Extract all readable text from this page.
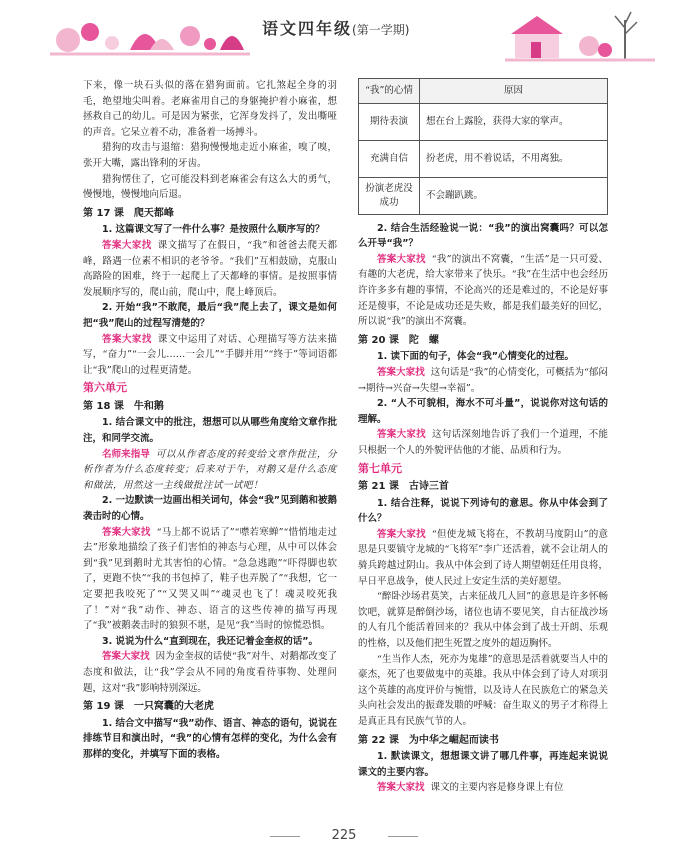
语文四年级(第一学期)

下来，像一块石头似的落在猎狗面前。它扎煞起全身的羽毛，绝望地尖叫着。老麻雀用自己的身躯掩护着小麻雀，想拯救自己的幼儿。可是因为紧张，它浑身发抖了，发出嘶哑的声音。它呆立着不动，准备着一场搏斗。

猎狗的攻击与退缩：猎狗慢慢地走近小麻雀，嗅了嗅，张开大嘴，露出锋利的牙齿。

猎狗愣住了，它可能没料到老麻雀会有这么大的勇气，慢慢地，慢慢地向后退。

第 17 课　爬天都峰

1. 这篇课文写了一件什么事？是按照什么顺序写的？

答案大家找 课文描写了在假日，“我”和爸爸去爬天都峰，路遇一位素不相识的老爷爷。“我们”互相鼓励，克服山高路险的困难，终于一起爬上了天都峰的事情。是按照事情发展顺序写的，爬山前，爬山中，爬上峰顶后。

2. 开始“我”不敢爬，最后“我”爬上去了，课文是如何把“我”爬山的过程写清楚的？

答案大家找 课文中运用了对话、心理描写等方法来描写，“奋力”“一会儿……一会儿”“手脚并用”“终于”等词语都让“我”爬山的过程更清楚。

第六单元
第 18 课　牛和鹅

1. 结合课文中的批注，想想可以从哪些角度给文章作批注，和同学交流。

名师来指导 可以从作者态度的转变给文章作批注，分析作者为什么态度转变；后来对于牛，对鹅又是什么态度和做法，用然这一主线做批注试一试吧！

2. 一边默读一边画出相关词句，体会“我”见到鹅和被鹅袭击时的心情。

答案大家找 “马上都不说话了”“噤若寒蝉”“惜悄地走过去”形象地描绘了孩子们害怕的神态与心理，从中可以体会到“我”见到鹅时尤其害怕的心情。“急急逃跑”“吓得脚也软了，更跑不快”“我的书包掉了，鞋子也弄脱了”“我想，它一定要把我咬死了”“又哭又叫”“魂灵也飞了！魂灵咬死我了！”对“我”动作、神态、语言的这些传神的描写再现了“我”被鹅袭击时的狼狈不堪，是见“我”当时的惊慌恐惧。

3. 说说为什么“直到现在，我还记着金奎叔的话”。

答案大家找 因为金奎叔的话使“我”对牛、对鹅都改变了态度和做法，让“我”学会从不同的角度看待事物、处理问题，这对“我”影响特别深远。

第 19 课　一只窝囊的大老虎

1. 结合文中描写“我”动作、语言、神态的语句，说说在排练节目和演出时，“我”的心情有怎样的变化，为什么会有那样的变化，并填写下面的表格。

“我”的心情	原因
期待表演	想在台上露脸，获得大家的掌声。
充满自信	扮老虎，用不着说话，不用离独。
扮演老虎没成功	不会蹦趴跳。

2. 结合生活经验说一说：“我”的演出窝囊吗？可以怎么开导“我”？

答案大家找 “我”的演出不窝囊，“生活”是一只可爱、有趣的大老虎，给大家带来了快乐。“我”在生活中也会经历许许多多有趣的事情，不论高兴的还是难过的，不论是好事还是傻事，不论是成功还是失败，都是我们最美好的回忆，所以说“我”的演出不窝囊。

第 20 课　陀　螺

1. 读下面的句子，体会“我”心情变化的过程。

答案大家找 这句话是“我”的心情变化，可概括为“郁闷→期待→兴奋→失望→幸福”。

2. “人不可貌相，海水不可斗量”，说说你对这句话的理解。

答案大家找 这句话深刻地告诉了我们一个道理，不能只根据一个人的外貌评估他的才能、品质和行为。

第七单元
第 21 课　古诗三首

1. 结合注释，说说下列诗句的意思。你从中体会到了什么？

答案大家找 “但使龙城飞将在，不教胡马度阴山”的意思是只要镇守龙城的“飞将军”李广还活着，就不会让胡人的骑兵跨越过阴山。我从中体会到了诗人期望朝廷任用良将，早日平息战争，使人民过上安定生活的美好愿望。

“醉卧沙场君莫笑，古来征战几人回”的意思是许多怀畅饮吧，就算是醉倒沙场，诸位也请不要见笑，自古征战沙场的人有几个能活着回来的？我从中体会到了战士开朗、乐观的性格，以及他们把生死置之度外的超迈胸怀。

“生当作人杰，死亦为鬼雄”的意思是活着就要当人中的豪杰，死了也要做鬼中的英雄。我从中体会到了诗人对项羽这个英雄的高度评价与惋惜，以及诗人在民族危亡的紧急关头向社会发出的振聋发聩的呼喊：奋生取义的男子才称得上是真正具有民族气节的人。

第 22 课　为中华之崛起而读书

1. 默读课文，想想课文讲了哪几件事，再连起来说说课文的主要内容。

答案大家找 课文的主要内容是修身课上有位

225
